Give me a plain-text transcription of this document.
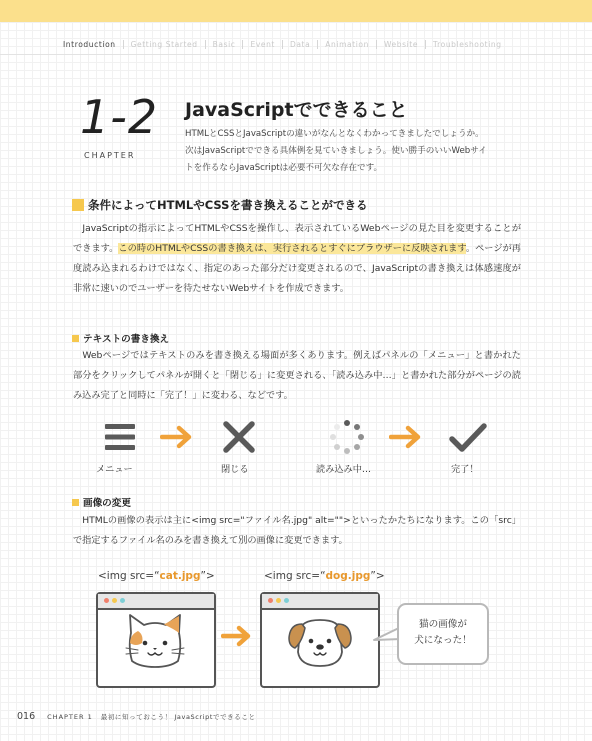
Introduction	Getting Started	Basic	Event	Data	Animation	Website	Troubleshooting
1-2
CHAPTER
JavaScriptでできること
HTMLとCSSとJavaScriptの違いがなんとなくわかってきましたでしょうか。
次はJavaScriptでできる具体例を見ていきましょう。使い勝手のいいWebサイ
トを作るならJavaScriptは必要不可欠な存在です。
条件によってHTMLやCSSを書き換えることができる
　JavaScriptの指示によってHTMLやCSSを操作し、表示されているWebページの見た目を変更することができます。この時のHTMLやCSSの書き換えは、実行されるとすぐにブラウザーに反映されます。ページが再度読み込まれるわけではなく、指定のあった部分だけ変更されるので、JavaScriptの書き換えは体感速度が非常に速いのでユーザーを待たせないWebサイトを作成できます。
テキストの書き換え
　Webページではテキストのみを書き換える場面が多くあります。例えばパネルの「メニュー」と書かれた部分をクリックしてパネルが開くと「閉じる」に変更される、「読み込み中…」と書かれた部分がページの読み込み完了と同時に「完了！」に変わる、などです。
メニュー	閉じる	読み込み中…	完了！
画像の変更
　HTMLの画像の表示は主に<img src="ファイル名.jpg" alt="">といったかたちになります。この「src」で指定するファイル名のみを書き換えて別の画像に変更できます。
<img src=“cat.jpg”>	<img src=“dog.jpg”>
猫の画像が
犬になった！
016 CHAPTER 1 最初に知っておこう！ JavaScriptでできること
